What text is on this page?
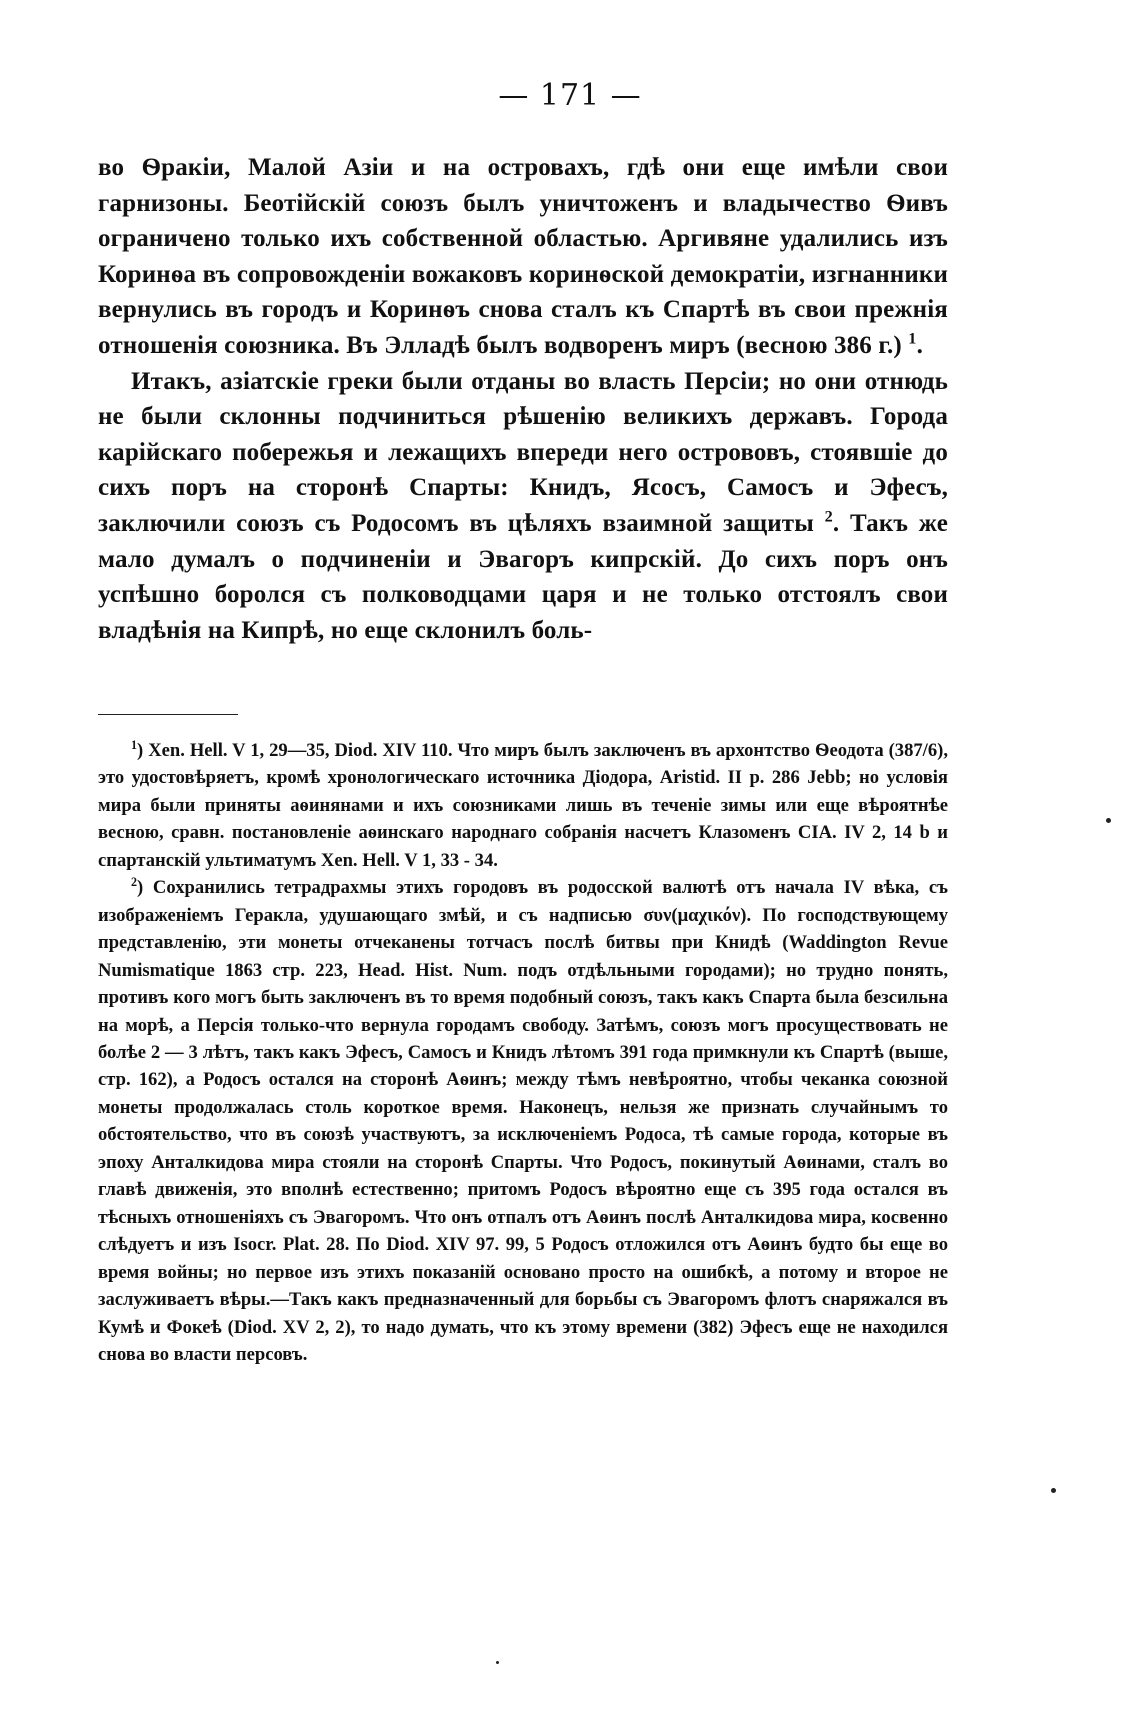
— 171 —

во Ѳракіи, Малой Азіи и на островахъ, гдѣ они еще имѣли свои гарнизоны. Беотійскій союзъ былъ уничтоженъ и владычество Ѳивъ ограничено только ихъ собственной областью. Аргивяне удалились изъ Коринѳа въ сопровожденіи вожаковъ коринѳской демократіи, изгнанники вернулись въ городъ и Коринѳъ снова сталъ къ Спартѣ въ свои прежнія отношенія союзника. Въ Элладѣ былъ водворенъ миръ (весною 386 г.) $^1$.

Итакъ, азіатскіе греки были отданы во власть Персіи; но они отнюдь не были склонны подчиниться рѣшенію великихъ державъ. Города карійскаго побережья и лежащихъ впереди него острововъ, стоявшіе до сихъ поръ на сторонѣ Спарты: Книдъ, Ясосъ, Самосъ и Эфесъ, заключили союзъ съ Родосомъ въ цѣляхъ взаимной защиты $^2$. Такъ же мало думалъ о подчиненіи и Эвагоръ кипрскій. До сихъ поръ онъ успѣшно боролся съ полководцами царя и не только отстоялъ свои владѣнія на Кипрѣ, но еще склонилъ боль-

$^1$) Xen. Hell. V 1, 29—35, Diod. XIV 110. Что миръ былъ заключенъ въ архонтство Ѳеодота (387/6), это удостовѣряетъ, кромѣ хронологическаго источника Діодора, Aristid. II p. 286 Jebb; но условія мира были приняты аѳинянами и ихъ союзниками лишь въ теченіе зимы или еще вѣроятнѣе весною, сравн. постановленіе аѳинскаго народнаго собранія насчетъ Клазоменъ CIA. IV 2, 14 b и спартанскій ультиматумъ Xen. Hell. V 1, 33 - 34.

$^2$) Сохранились тетрадрахмы этихъ городовъ въ родосской валютѣ отъ начала IV вѣка, съ изображеніемъ Геракла, удушающаго змѣй, и съ надписью συν(μαχικόν). По господствующему представленію, эти монеты отчеканены тотчасъ послѣ битвы при Книдѣ (Waddington Revue Numismatique 1863 стр. 223, Head. Hist. Num. подъ отдѣльными городами); но трудно понять, противъ кого могъ быть заключенъ въ то время подобный союзъ, такъ какъ Спарта была безсильна на морѣ, а Персія только-что вернула городамъ свободу. Затѣмъ, союзъ могъ просуществовать не болѣе 2 — 3 лѣтъ, такъ какъ Эфесъ, Самосъ и Книдъ лѣтомъ 391 года примкнули къ Спартѣ (выше, стр. 162), а Родосъ остался на сторонѣ Аѳинъ; между тѣмъ невѣроятно, чтобы чеканка союзной монеты продолжалась столь короткое время. Наконецъ, нельзя же признать случайнымъ то обстоятельство, что въ союзѣ участвуютъ, за исключеніемъ Родоса, тѣ самые города, которые въ эпоху Анталкидова мира стояли на сторонѣ Спарты. Что Родосъ, покинутый Аѳинами, сталъ во главѣ движенія, это вполнѣ естественно; притомъ Родосъ вѣроятно еще съ 395 года остался въ тѣсныхъ отношеніяхъ съ Эвагоромъ. Что онъ отпалъ отъ Аѳинъ послѣ Анталкидова мира, косвенно слѣдуетъ и изъ Isocr. Plat. 28. По Diod. XIV 97. 99, 5 Родосъ отложился отъ Аѳинъ будто бы еще во время войны; но первое изъ этихъ показаній основано просто на ошибкѣ, а потому и второе не заслуживаетъ вѣры.—Такъ какъ предназначенный для борьбы съ Эвагоромъ флотъ снаряжался въ Кумѣ и Фокеѣ (Diod. XV 2, 2), то надо думать, что къ этому времени (382) Эфесъ еще не находился снова во власти персовъ.
